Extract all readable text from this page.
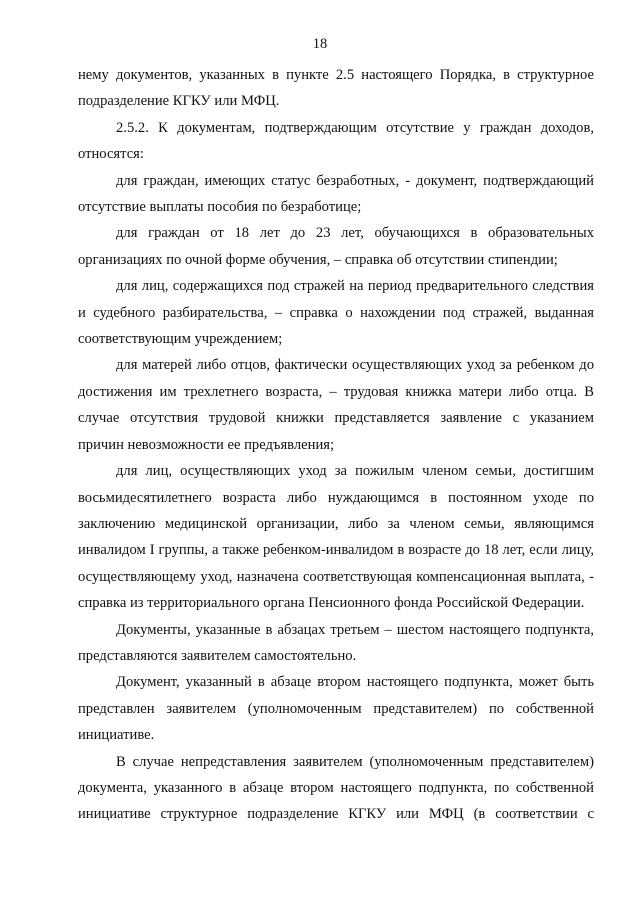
18

нему документов, указанных в пункте 2.5 настоящего Порядка, в структурное подразделение КГКУ или МФЦ.

2.5.2. К документам, подтверждающим отсутствие у граждан доходов, относятся:

для граждан, имеющих статус безработных, - документ, подтверждающий отсутствие выплаты пособия по безработице;

для граждан от 18 лет до 23 лет, обучающихся в образовательных организациях по очной форме обучения, – справка об отсутствии стипендии;

для лиц, содержащихся под стражей на период предварительного следствия и судебного разбирательства, – справка о нахождении под стражей, выданная соответствующим учреждением;

для матерей либо отцов, фактически осуществляющих уход за ребенком до достижения им трехлетнего возраста, – трудовая книжка матери либо отца. В случае отсутствия трудовой книжки представляется заявление с указанием причин невозможности ее предъявления;

для лиц, осуществляющих уход за пожилым членом семьи, достигшим восьмидесятилетнего возраста либо нуждающимся в постоянном уходе по заключению медицинской организации, либо за членом семьи, являющимся инвалидом I группы, а также ребенком-инвалидом в возрасте до 18 лет, если лицу, осуществляющему уход, назначена соответствующая компенсационная выплата, - справка из территориального органа Пенсионного фонда Российской Федерации.

Документы, указанные в абзацах третьем – шестом настоящего подпункта, представляются заявителем самостоятельно.

Документ, указанный в абзаце втором настоящего подпункта, может быть представлен заявителем (уполномоченным представителем) по собственной инициативе.

В случае непредставления заявителем (уполномоченным представителем) документа, указанного в абзаце втором настоящего подпункта, по собственной инициативе структурное подразделение КГКУ или МФЦ (в соответствии с
